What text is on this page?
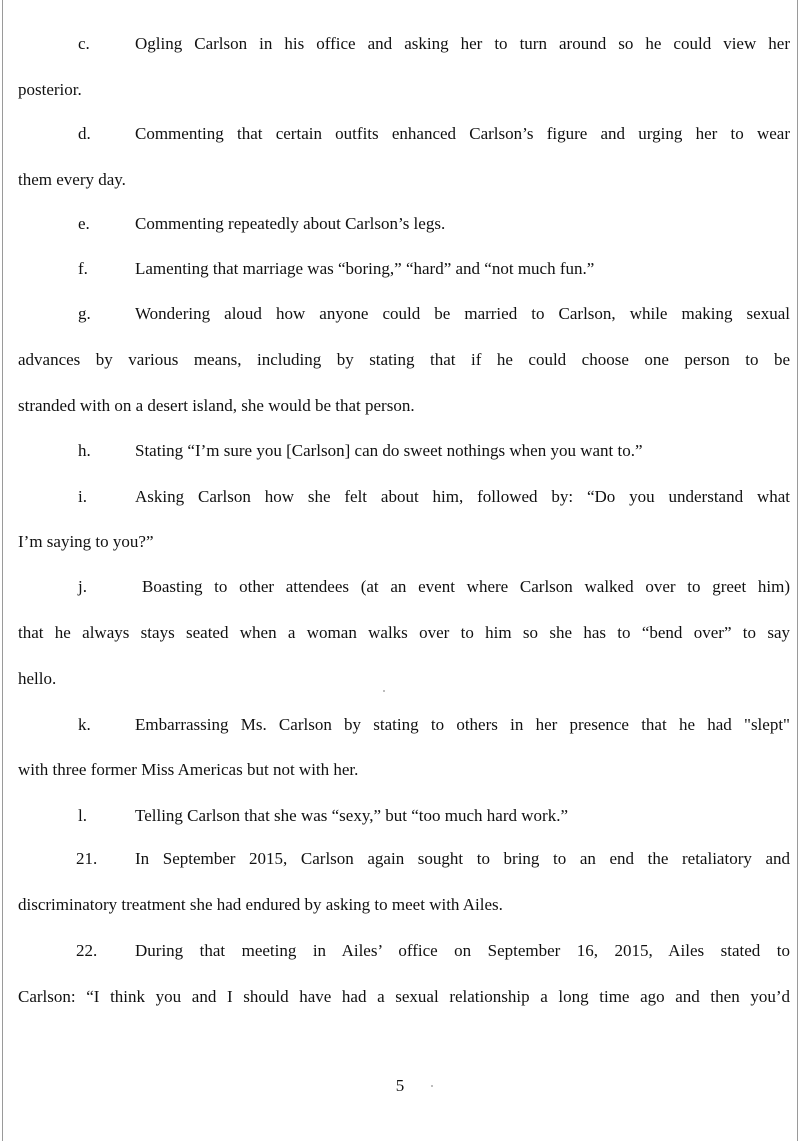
c.	Ogling Carlson in his office and asking her to turn around so he could view her
posterior.
d.	Commenting that certain outfits enhanced Carlson’s figure and urging her to wear
them every day.
e.	Commenting repeatedly about Carlson’s legs.
f.	Lamenting that marriage was “boring,” “hard” and “not much fun.”
g.	Wondering aloud how anyone could be married to Carlson, while making sexual
advances by various means, including by stating that if he could choose one person to be
stranded with on a desert island, she would be that person.
h.	Stating “I’m sure you [Carlson] can do sweet nothings when you want to.”
i.	Asking Carlson how she felt about him, followed by: “Do you understand what
I’m saying to you?”
j.	Boasting to other attendees (at an event where Carlson walked over to greet him)
that he always stays seated when a woman walks over to him so she has to “bend over” to say
hello.
k.	Embarrassing Ms. Carlson by stating to others in her presence that he had "slept"
with three former Miss Americas but not with her.
l.	Telling Carlson that she was “sexy,” but “too much hard work.”
21. In September 2015, Carlson again sought to bring to an end the retaliatory and
discriminatory treatment she had endured by asking to meet with Ailes.
22. During that meeting in Ailes’ office on September 16, 2015, Ailes stated to
Carlson: “I think you and I should have had a sexual relationship a long time ago and then you’d
5
